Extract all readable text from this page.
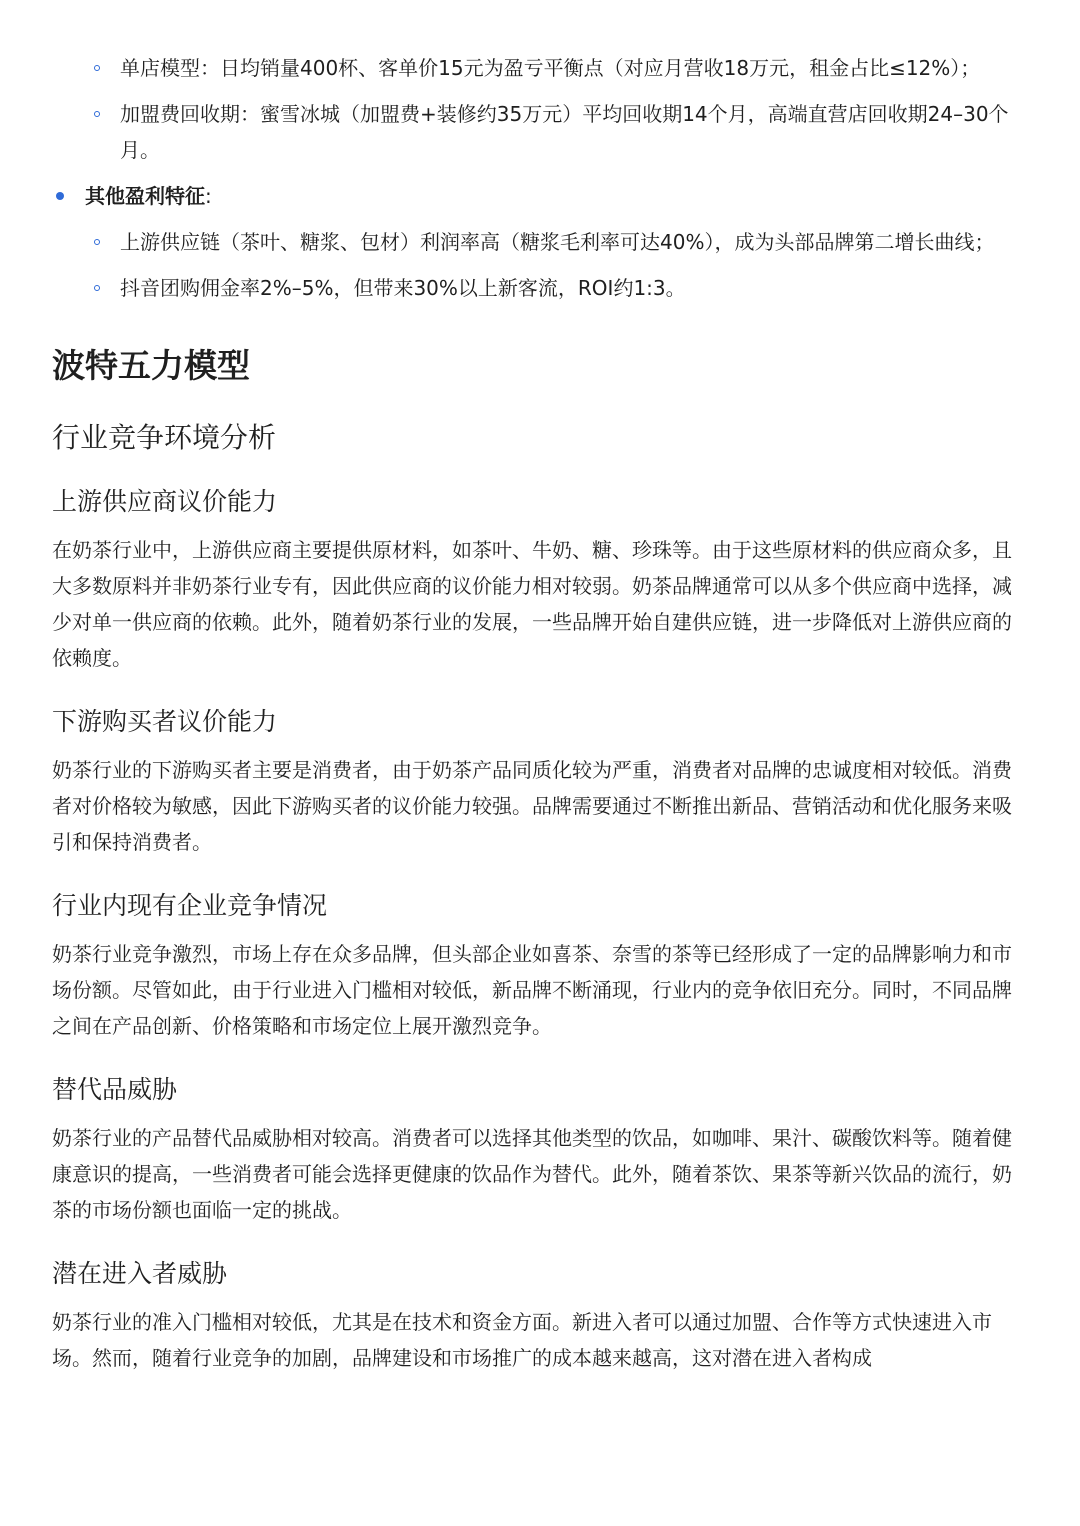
单店模型：日均销量400杯、客单价15元为盈亏平衡点（对应月营收18万元，租金占比≤12%）；
加盟费回收期：蜜雪冰城（加盟费+装修约35万元）平均回收期14个月，高端直营店回收期24–30个月。
其他盈利特征:
上游供应链（茶叶、糖浆、包材）利润率高（糖浆毛利率可达40%），成为头部品牌第二增长曲线；
抖音团购佣金率2%–5%，但带来30%以上新客流，ROI约1:3。
波特五力模型
行业竞争环境分析
上游供应商议价能力

在奶茶行业中，上游供应商主要提供原材料，如茶叶、牛奶、糖、珍珠等。由于这些原材料的供应商众多，且大多数原料并非奶茶行业专有，因此供应商的议价能力相对较弱。奶茶品牌通常可以从多个供应商中选择，减少对单一供应商的依赖。此外，随着奶茶行业的发展，一些品牌开始自建供应链，进一步降低对上游供应商的依赖度。

下游购买者议价能力

奶茶行业的下游购买者主要是消费者，由于奶茶产品同质化较为严重，消费者对品牌的忠诚度相对较低。消费者对价格较为敏感，因此下游购买者的议价能力较强。品牌需要通过不断推出新品、营销活动和优化服务来吸引和保持消费者。

行业内现有企业竞争情况

奶茶行业竞争激烈，市场上存在众多品牌，但头部企业如喜茶、奈雪的茶等已经形成了一定的品牌影响力和市场份额。尽管如此，由于行业进入门槛相对较低，新品牌不断涌现，行业内的竞争依旧充分。同时，不同品牌之间在产品创新、价格策略和市场定位上展开激烈竞争。

替代品威胁

奶茶行业的产品替代品威胁相对较高。消费者可以选择其他类型的饮品，如咖啡、果汁、碳酸饮料等。随着健康意识的提高，一些消费者可能会选择更健康的饮品作为替代。此外，随着茶饮、果茶等新兴饮品的流行，奶茶的市场份额也面临一定的挑战。

潜在进入者威胁

奶茶行业的准入门槛相对较低，尤其是在技术和资金方面。新进入者可以通过加盟、合作等方式快速进入市场。然而，随着行业竞争的加剧，品牌建设和市场推广的成本越来越高，这对潜在进入者构成
